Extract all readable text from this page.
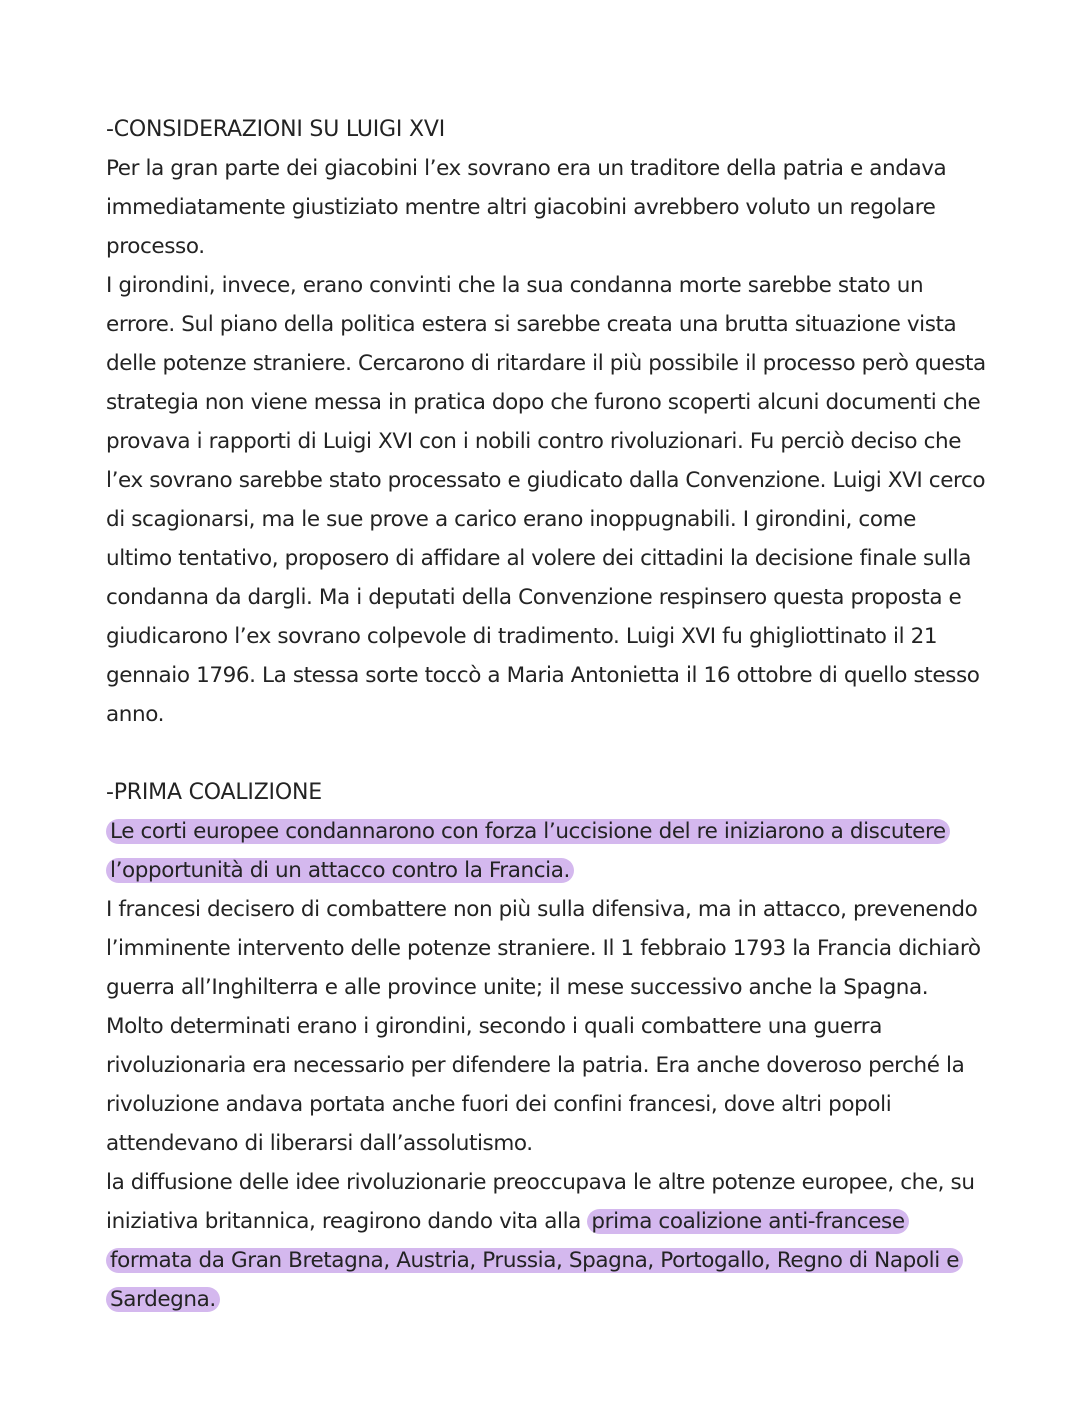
-CONSIDERAZIONI SU LUIGI XVI

Per la gran parte dei giacobini l’ex sovrano era un traditore della patria e andava immediatamente giustiziato mentre altri giacobini avrebbero voluto un regolare processo.

I girondini, invece, erano convinti che la sua condanna morte sarebbe stato un errore. Sul piano della politica estera si sarebbe creata una brutta situazione vista delle potenze straniere. Cercarono di ritardare il più possibile il processo però questa strategia non viene messa in pratica dopo che furono scoperti alcuni documenti che provava i rapporti di Luigi XVI con i nobili contro rivoluzionari. Fu perciò deciso che l’ex sovrano sarebbe stato processato e giudicato dalla Convenzione. Luigi XVI cerco di scagionarsi, ma le sue prove a carico erano inoppugnabili. I girondini, come ultimo tentativo, proposero di affidare al volere dei cittadini la decisione finale sulla condanna da dargli. Ma i deputati della Convenzione respinsero questa proposta e giudicarono l’ex sovrano colpevole di tradimento. Luigi XVI fu ghigliottinato il 21 gennaio 1796. La stessa sorte toccò a Maria Antonietta il 16 ottobre di quello stesso anno.

-PRIMA COALIZIONE

Le corti europee condannarono con forza l’uccisione del re iniziarono a discutere l’opportunità di un attacco contro la Francia.

I francesi decisero di combattere non più sulla difensiva, ma in attacco, prevenendo l’imminente intervento delle potenze straniere. Il 1 febbraio 1793 la Francia dichiarò guerra all’Inghilterra e alle province unite; il mese successivo anche la Spagna.

Molto determinati erano i girondini, secondo i quali combattere una guerra rivoluzionaria era necessario per difendere la patria. Era anche doveroso perché la rivoluzione andava portata anche fuori dei confini francesi, dove altri popoli attendevano di liberarsi dall’assolutismo.

la diffusione delle idee rivoluzionarie preoccupava le altre potenze europee, che, su iniziativa britannica, reagirono dando vita alla prima coalizione anti-francese formata da Gran Bretagna, Austria, Prussia, Spagna, Portogallo, Regno di Napoli e Sardegna.
